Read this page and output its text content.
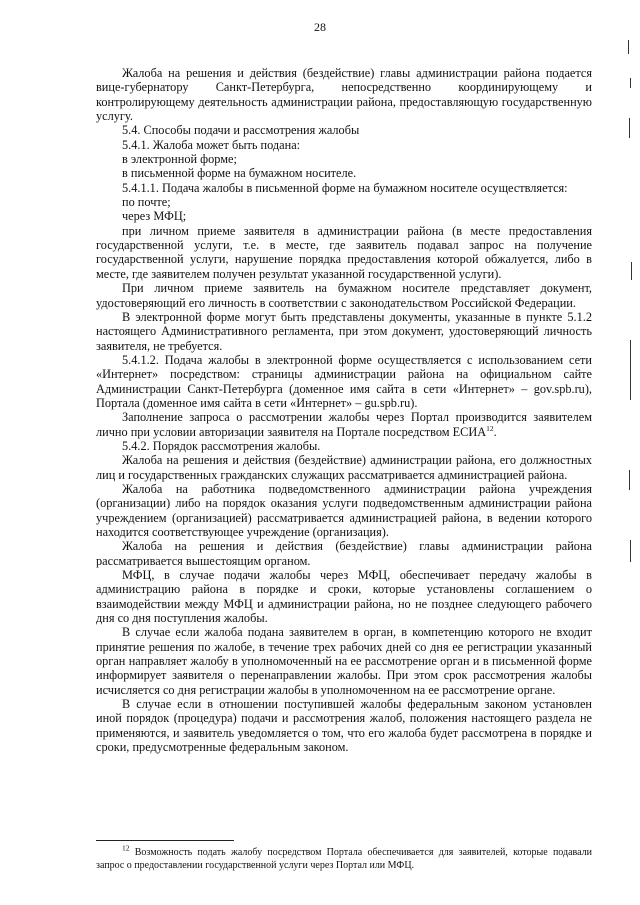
28

Жалоба на решения и действия (бездействие) главы администрации района подается вице-губернатору Санкт-Петербурга, непосредственно координирующему и контролирующему деятельность администрации района, предоставляющую государственную услугу.

5.4. Способы подачи и рассмотрения жалобы

5.4.1. Жалоба может быть подана:

в электронной форме;

в письменной форме на бумажном носителе.

5.4.1.1. Подача жалобы в письменной форме на бумажном носителе осуществляется:

по почте;

через МФЦ;

при личном приеме заявителя в администрации района (в месте предоставления государственной услуги, т.е. в месте, где заявитель подавал запрос на получение государственной услуги, нарушение порядка предоставления которой обжалуется, либо в месте, где заявителем получен результат указанной государственной услуги).

При личном приеме заявитель на бумажном носителе представляет документ, удостоверяющий его личность в соответствии с законодательством Российской Федерации.

В электронной форме могут быть представлены документы, указанные в пункте 5.1.2 настоящего Административного регламента, при этом документ, удостоверяющий личность заявителя, не требуется.

5.4.1.2. Подача жалобы в электронной форме осуществляется с использованием сети «Интернет» посредством: страницы администрации района на официальном сайте Администрации Санкт-Петербурга (доменное имя сайта в сети «Интернет» – gov.spb.ru), Портала (доменное имя сайта в сети «Интернет» – gu.spb.ru).

Заполнение запроса о рассмотрении жалобы через Портал производится заявителем лично при условии авторизации заявителя на Портале посредством ЕСИА$^{12}$.

5.4.2. Порядок рассмотрения жалобы.

Жалоба на решения и действия (бездействие) администрации района, его должностных лиц и государственных гражданских служащих рассматривается администрацией района.

Жалоба на работника подведомственного администрации района учреждения (организации) либо на порядок оказания услуги подведомственным администрации района учреждением (организацией) рассматривается администрацией района, в ведении которого находится соответствующее учреждение (организация).

Жалоба на решения и действия (бездействие) главы администрации района рассматривается вышестоящим органом.

МФЦ, в случае подачи жалобы через МФЦ, обеспечивает передачу жалобы в администрацию района в порядке и сроки, которые установлены соглашением о взаимодействии между МФЦ и администрации района, но не позднее следующего рабочего дня со дня поступления жалобы.

В случае если жалоба подана заявителем в орган, в компетенцию которого не входит принятие решения по жалобе, в течение трех рабочих дней со дня ее регистрации указанный орган направляет жалобу в уполномоченный на ее рассмотрение орган и в письменной форме информирует заявителя о перенаправлении жалобы. При этом срок рассмотрения жалобы исчисляется со дня регистрации жалобы в уполномоченном на ее рассмотрение органе.

В случае если в отношении поступившей жалобы федеральным законом установлен иной порядок (процедура) подачи и рассмотрения жалоб, положения настоящего раздела не применяются, и заявитель уведомляется о том, что его жалоба будет рассмотрена в порядке и сроки, предусмотренные федеральным законом.

$^{12}$ Возможность подать жалобу посредством Портала обеспечивается для заявителей, которые подавали запрос о предоставлении государственной услуги через Портал или МФЦ.
